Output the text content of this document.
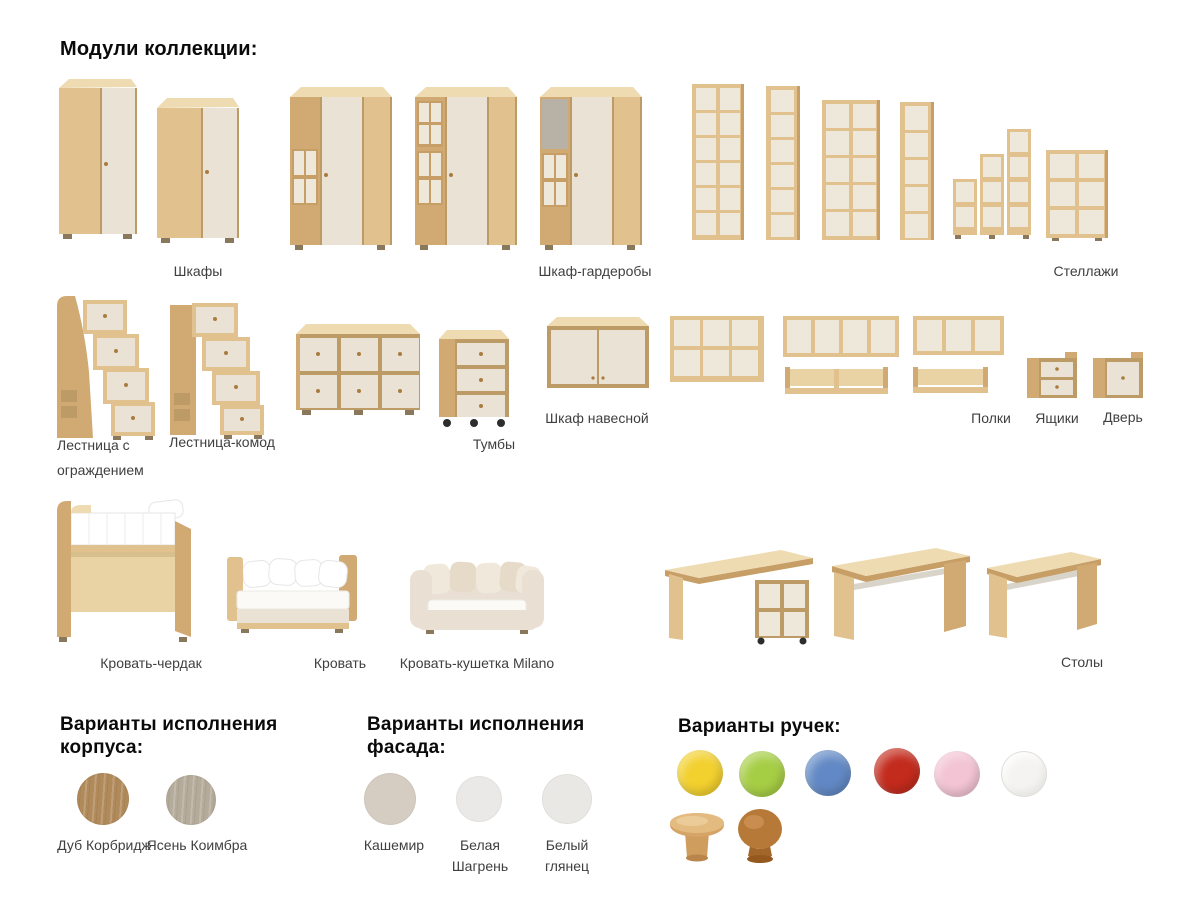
Модули коллекции:
Шкафы	Шкаф-гардеробы	Стеллажи
Лестница с ограждением
Лестница-комод	Тумбы
Шкаф навесной	Полки	Ящики	Дверь
Кровать-чердак	Кровать	Кровать-кушетка Milano	Столы
Варианты исполнения корпуса:
Дуб Корбридж
Ясень Коимбра
Варианты исполнения фасада:
Кашемир	Белая Шагрень
Белый глянец
Варианты ручек:
